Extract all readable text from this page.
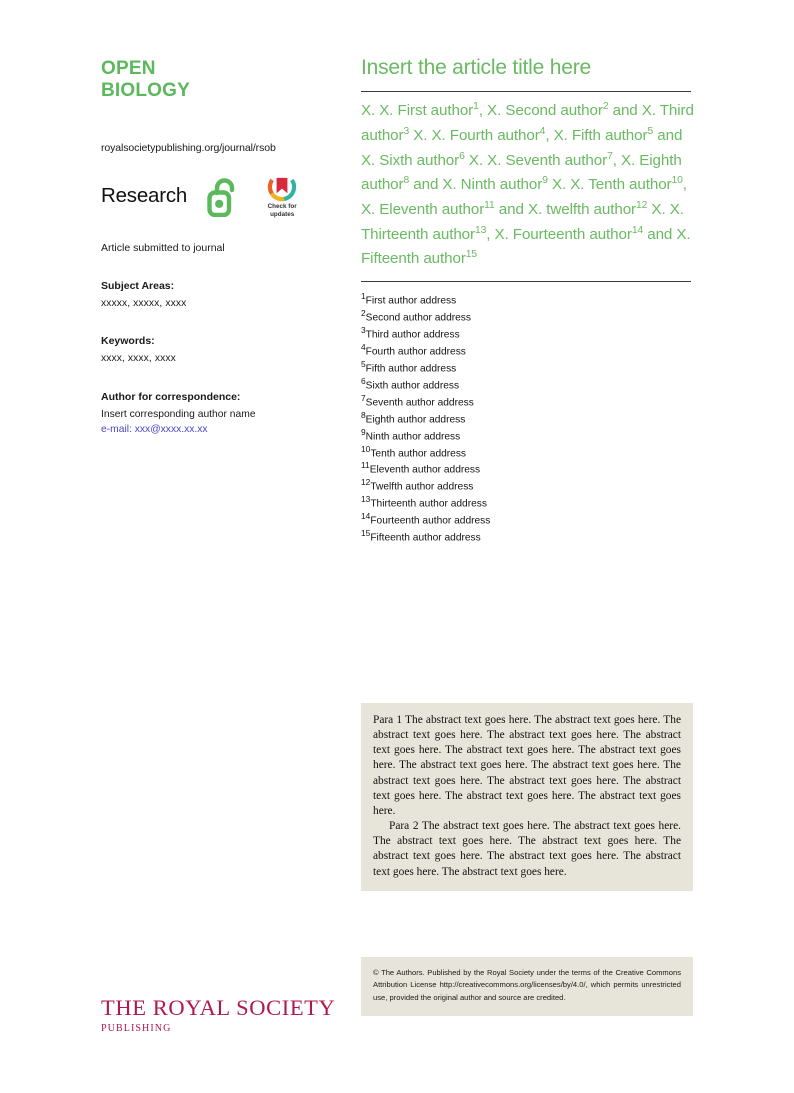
OPEN
BIOLOGY
royalsocietypublishing.org/journal/rsob
Research
Check for
updates
Article submitted to journal
Subject Areas:
xxxxx, xxxxx, xxxx
Keywords:
xxxx, xxxx, xxxx
Author for correspondence:
Insert corresponding author name
e-mail: xxx@xxxx.xx.xx
Insert the article title here
X. X. First author$^1$, X. Second author$^2$ and X. Third author$^3$ X. X. Fourth author$^4$, X. Fifth author$^5$ and X. Sixth author$^6$ X. X. Seventh author$^7$, X. Eighth author$^8$ and X. Ninth author$^9$ X. X. Tenth author$^{10}$, X. Eleventh author$^{11}$ and X. twelfth author$^{12}$ X. X. Thirteenth author$^{13}$, X. Fourteenth author$^{14}$ and X. Fifteenth author$^{15}$
$^1$First author address
$^2$Second author address
$^3$Third author address
$^4$Fourth author address
$^5$Fifth author address
$^6$Sixth author address
$^7$Seventh author address
$^8$Eighth author address
$^9$Ninth author address
$^{10}$Tenth author address
$^{11}$Eleventh author address
$^{12}$Twelfth author address
$^{13}$Thirteenth author address
$^{14}$Fourteenth author address
$^{15}$Fifteenth author address

Para 1 The abstract text goes here. The abstract text goes here. The abstract text goes here. The abstract text goes here. The abstract text goes here. The abstract text goes here. The abstract text goes here. The abstract text goes here. The abstract text goes here. The abstract text goes here. The abstract text goes here. The abstract text goes here. The abstract text goes here. The abstract text goes here.

Para 2 The abstract text goes here. The abstract text goes here. The abstract text goes here. The abstract text goes here. The abstract text goes here. The abstract text goes here. The abstract text goes here. The abstract text goes here.

© The Authors. Published by the Royal Society under the terms of the Creative Commons Attribution License http://creativecommons.org/licenses/by/4.0/, which permits unrestricted use, provided the original author and source are credited.

THE ROYAL SOCIETY
PUBLISHING
